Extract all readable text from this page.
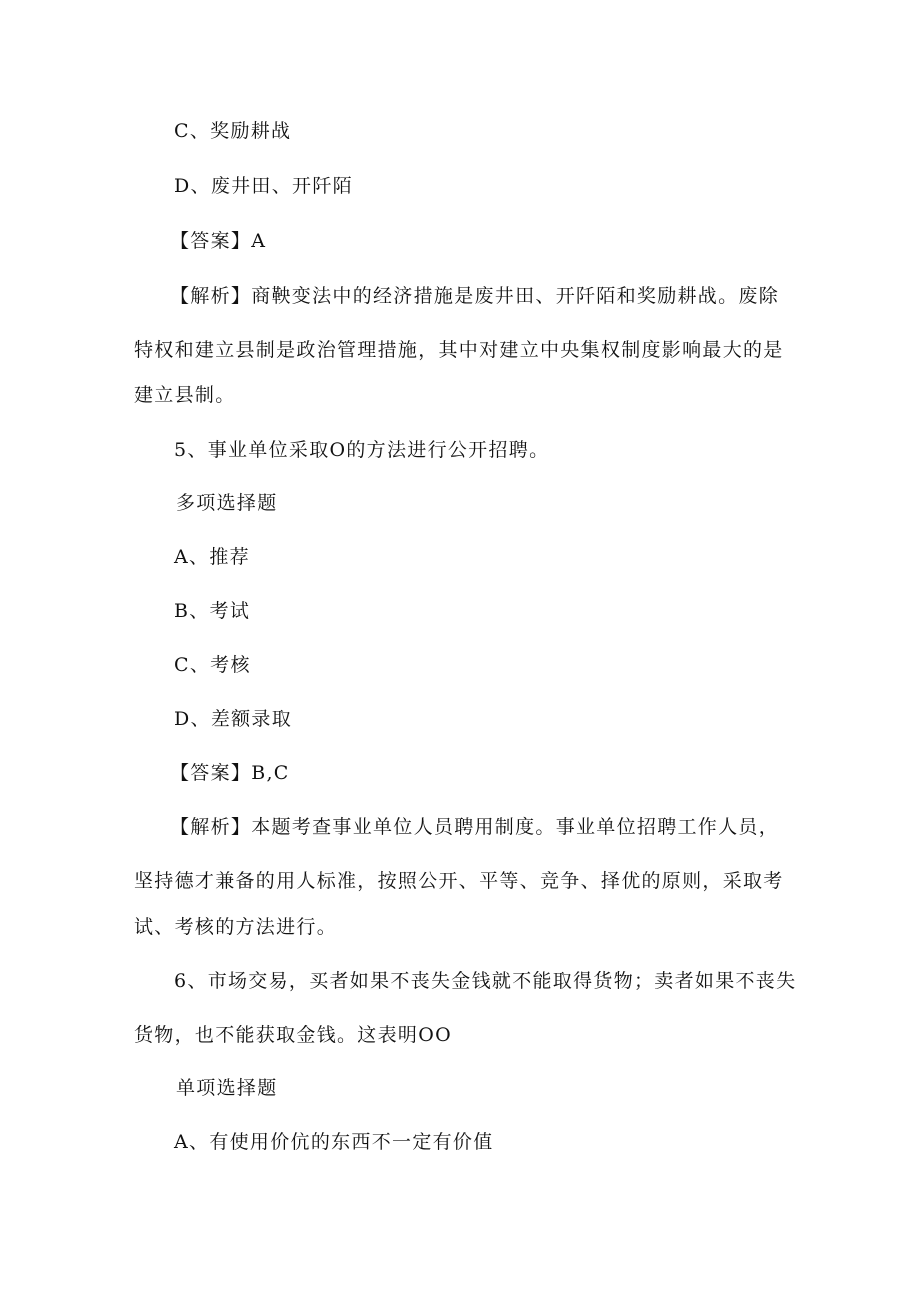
C、奖励耕战
D、废井田、开阡陌
【答案】A
【解析】商鞅变法中的经济措施是废井田、开阡陌和奖励耕战。废除
特权和建立县制是政治管理措施，其中对建立中央集权制度影响最大的是
建立县制。
5、事业单位采取O的方法进行公开招聘。
多项选择题
A、推荐
B、考试
C、考核
D、差额录取
【答案】B,C
【解析】本题考查事业单位人员聘用制度。事业单位招聘工作人员，
坚持德才兼备的用人标准，按照公开、平等、竞争、择优的原则，采取考
试、考核的方法进行。
6、市场交易，买者如果不丧失金钱就不能取得货物；卖者如果不丧失
货物，也不能获取金钱。这表明OO
单项选择题
A、有使用价伉的东西不一定有价值
